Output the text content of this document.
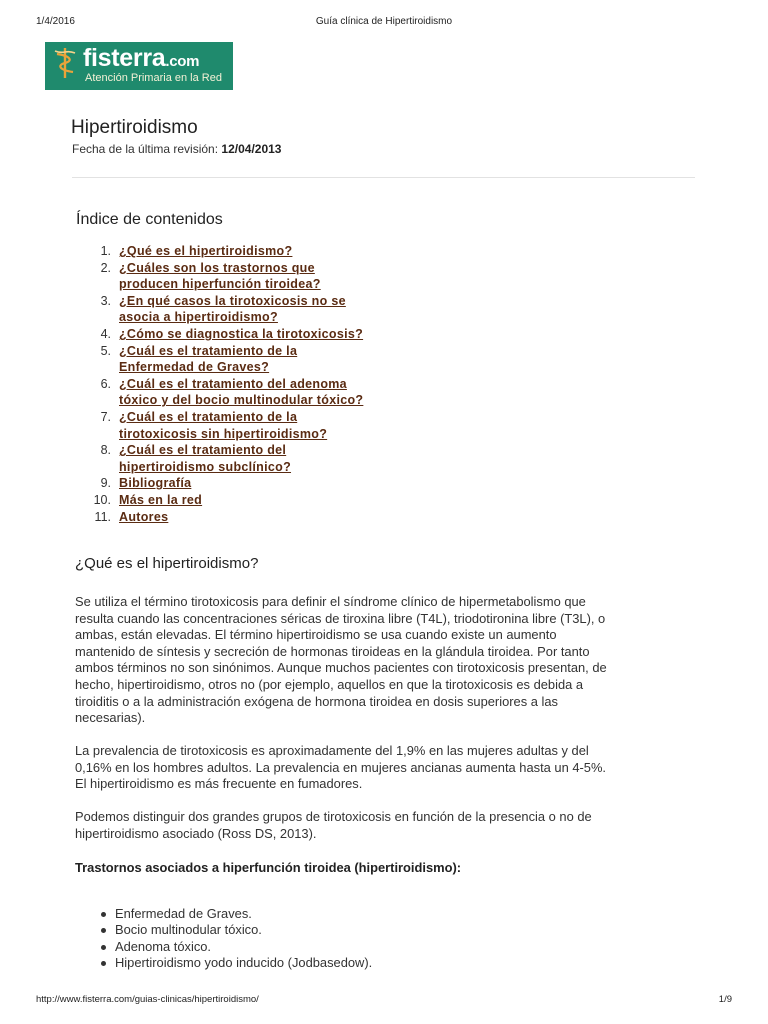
1/4/2016	Guía clínica de Hipertiroidismo
fisterra.com
Atención Primaria en la Red
Hipertiroidismo
Fecha de la última revisión: 12/04/2013
Índice de contenidos
1. ¿Qué es el hipertiroidismo?
2. ¿Cuáles son los trastornos que
producen hiperfunción tiroidea?
3. ¿En qué casos la tirotoxicosis no se
asocia a hipertiroidismo?
4. ¿Cómo se diagnostica la tirotoxicosis?
5. ¿Cuál es el tratamiento de la
Enfermedad de Graves?
6. ¿Cuál es el tratamiento del adenoma
tóxico y del bocio multinodular tóxico?
7. ¿Cuál es el tratamiento de la
tirotoxicosis sin hipertiroidismo?
8. ¿Cuál es el tratamiento del
hipertiroidismo subclínico?
9. Bibliografía
10. Más en la red
11. Autores
¿Qué es el hipertiroidismo?

Se utiliza el término tirotoxicosis para definir el síndrome clínico de hipermetabolismo que
resulta cuando las concentraciones séricas de tiroxina libre (T4L), triodotironina libre (T3L), o
ambas, están elevadas. El término hipertiroidismo se usa cuando existe un aumento
mantenido de síntesis y secreción de hormonas tiroideas en la glándula tiroidea. Por tanto
ambos términos no son sinónimos. Aunque muchos pacientes con tirotoxicosis presentan, de
hecho, hipertiroidismo, otros no (por ejemplo, aquellos en que la tirotoxicosis es debida a
tiroiditis o a la administración exógena de hormona tiroidea en dosis superiores a las
necesarias).

La prevalencia de tirotoxicosis es aproximadamente del 1,9% en las mujeres adultas y del
0,16% en los hombres adultos. La prevalencia en mujeres ancianas aumenta hasta un 4-5%.
El hipertiroidismo es más frecuente en fumadores.

Podemos distinguir dos grandes grupos de tirotoxicosis en función de la presencia o no de
hipertiroidismo asociado (Ross DS, 2013).

Trastornos asociados a hiperfunción tiroidea (hipertiroidismo):
Enfermedad de Graves.
Bocio multinodular tóxico.
Adenoma tóxico.
Hipertiroidismo yodo inducido (Jodbasedow).
http://www.fisterra.com/guias-clinicas/hipertiroidismo/	1/9
